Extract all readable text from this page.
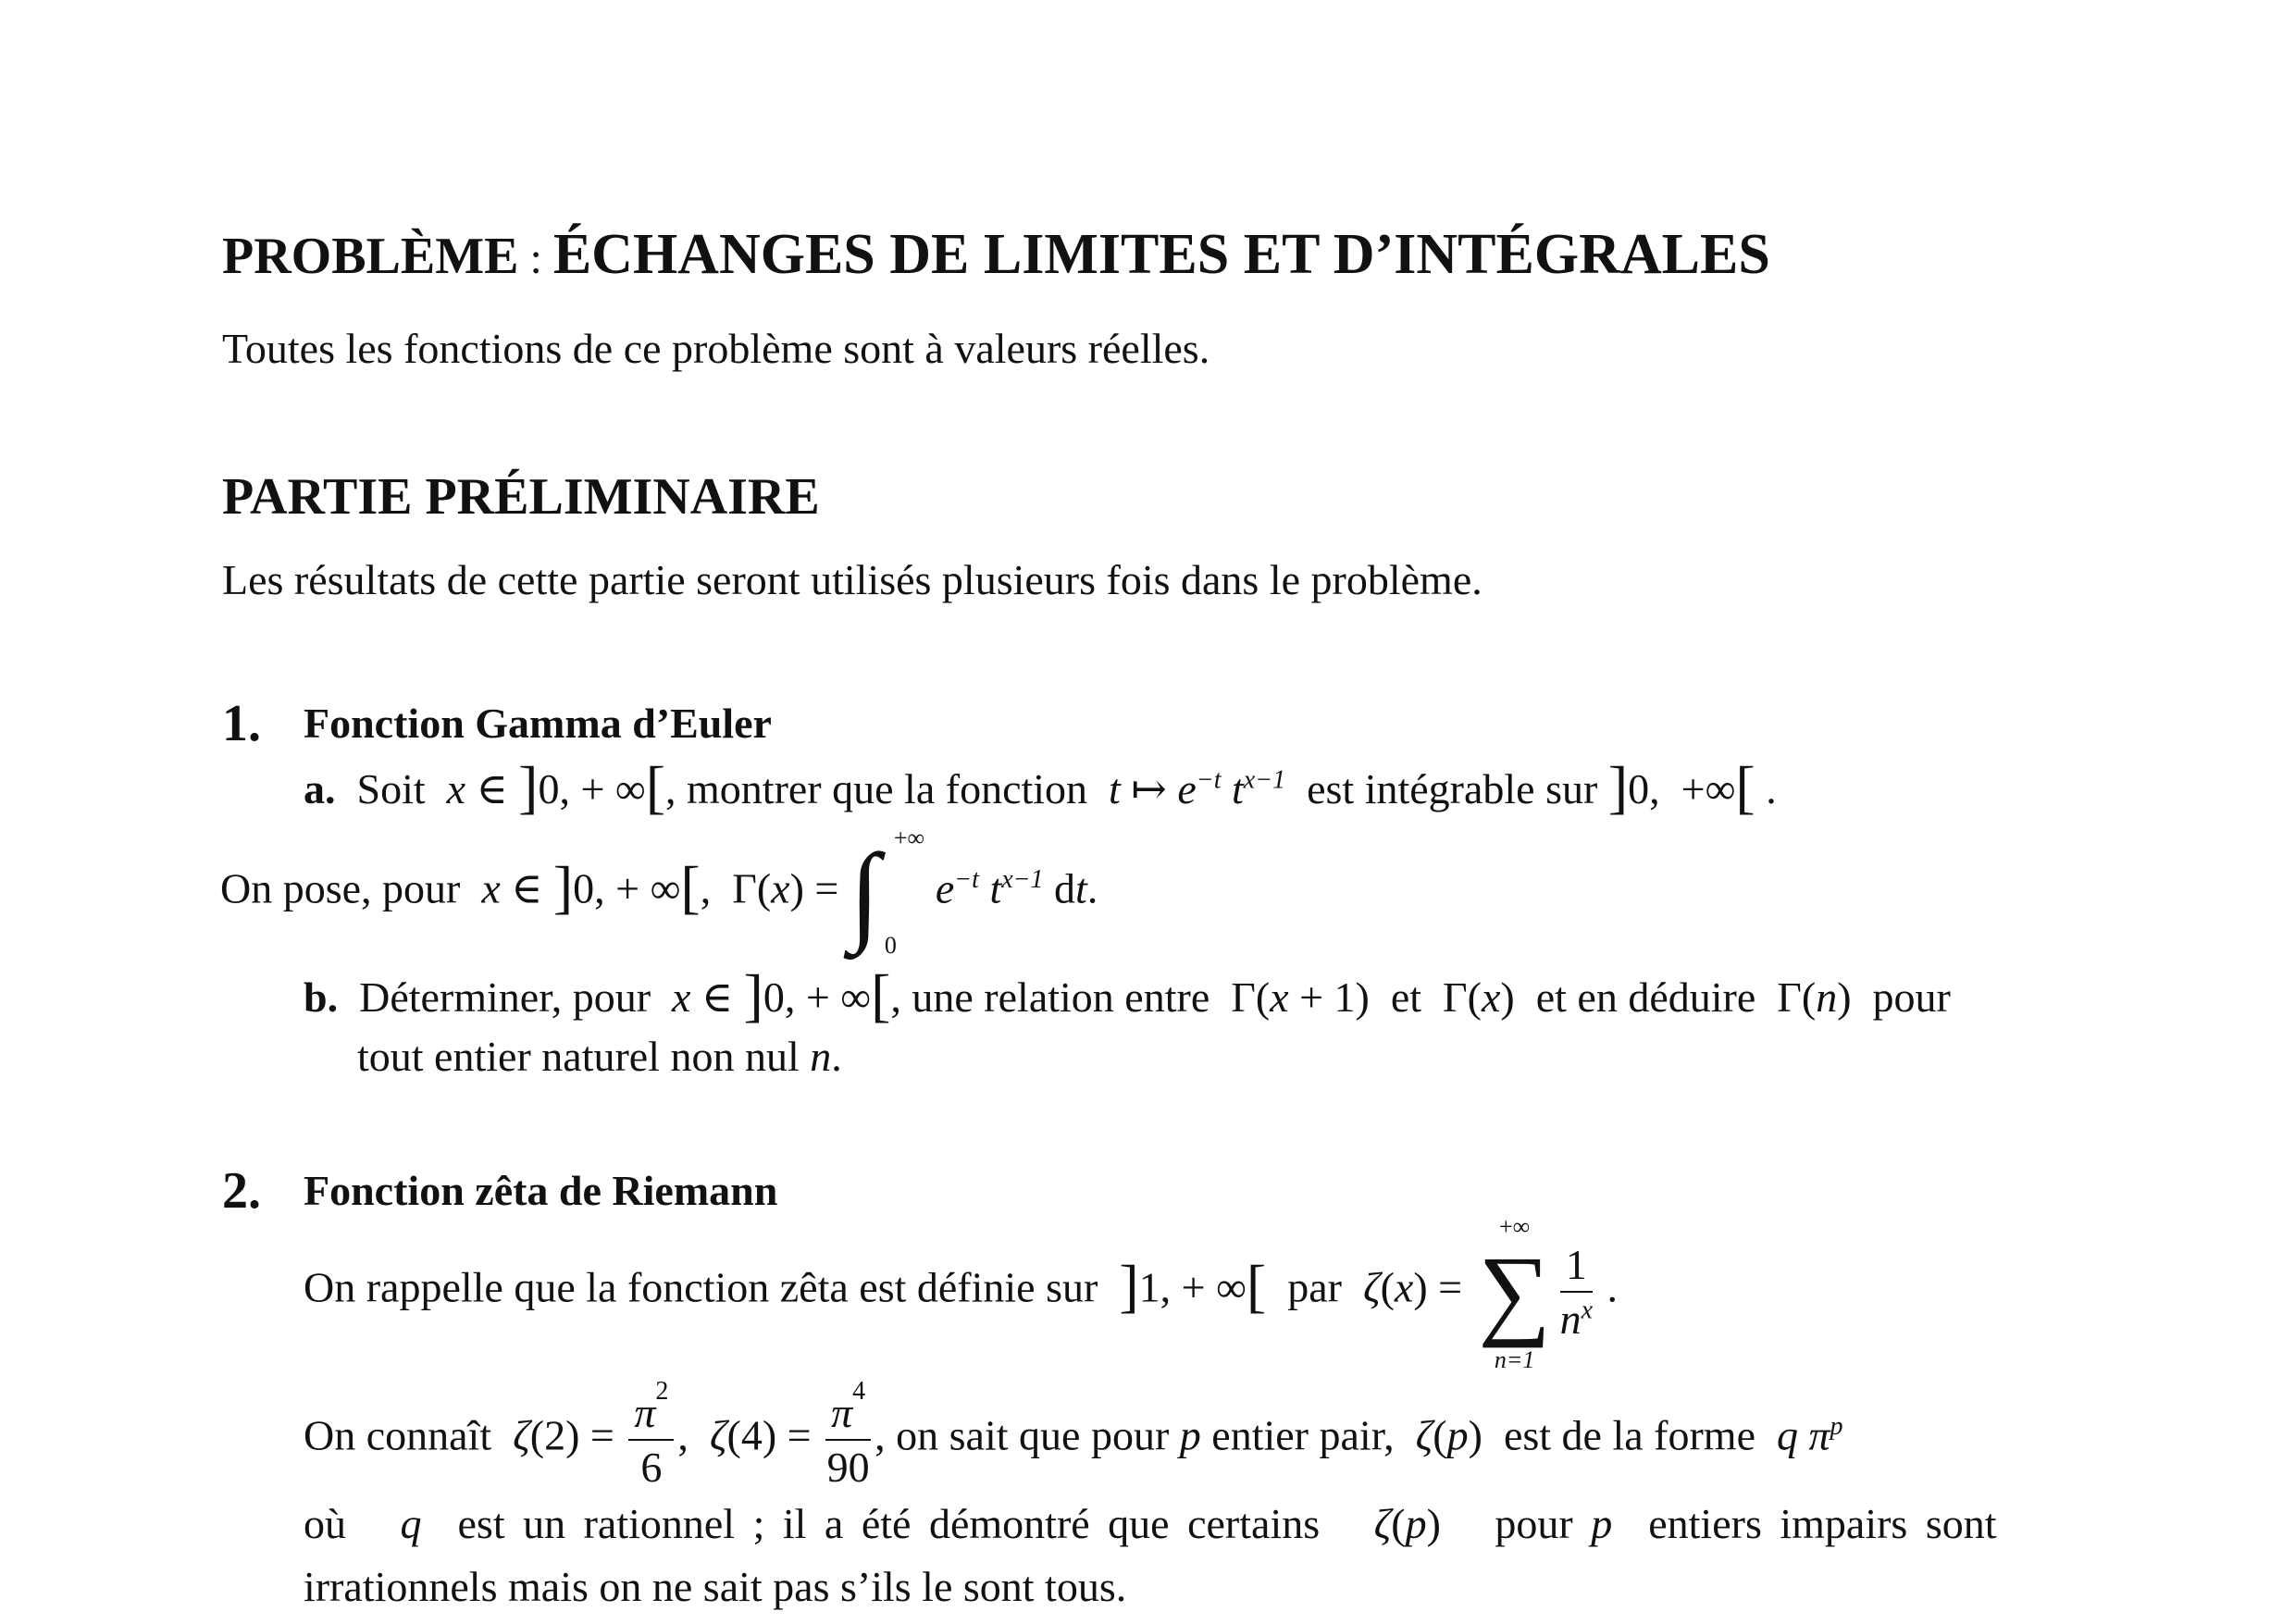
PROBLÈME : ÉCHANGES DE LIMITES ET D’INTÉGRALES
Toutes les fonctions de ce problème sont à valeurs réelles.
PARTIE PRÉLIMINAIRE
Les résultats de cette partie seront utilisés plusieurs fois dans le problème.
1. Fonction Gamma d’Euler
a. Soit x ∈ ]0, + ∞[, montrer que la fonction t ↦ $e^{-t}$ $t^{x-1}$ est intégrable sur ]0,  +∞[ .
On pose, pour x ∈ ]0, + ∞[,  Γ(x) = ∫ +∞
0
$e^{-t}$ $t^{x-1}$ dt.
b. Déterminer, pour x ∈ ]0, + ∞[, une relation entre  Γ(x + 1)  et  Γ(x)  et en déduire  Γ(n)  pour
tout entier naturel non nul n.
2. Fonction zêta de Riemann
On rappelle que la fonction zêta est définie sur ]1, + ∞[ par ζ(x) =
+∞
∑
n=1
$\frac{1}{n^x}$ .
On connaît $\zeta(2) = \frac{\pi^2}{6}$ ,  $\zeta(4) = \frac{\pi^4}{90}$ , on sait que pour p entier pair, ζ(p)  est de la forme q $\pi^p$
où q est un rationnel ; il a été démontré que certains ζ(p)   pour p entiers impairs sont
irrationnels mais on ne sait pas s’ils le sont tous.
